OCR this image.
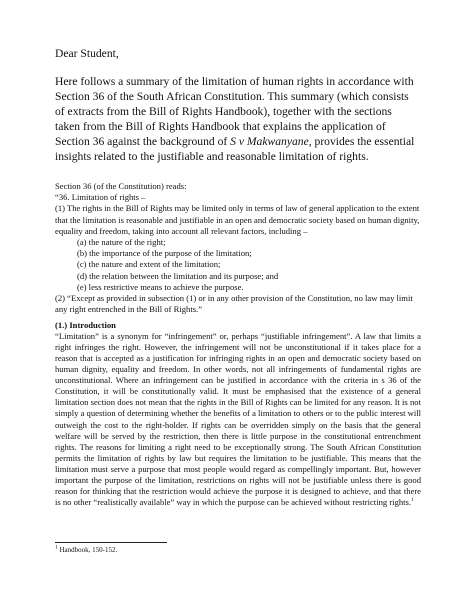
Dear Student,

Here follows a summary of the limitation of human rights in accordance with Section 36 of the South African Constitution. This summary (which consists of extracts from the Bill of Rights Handbook), together with the sections taken from the Bill of Rights Handbook that explains the application of Section 36 against the background of S v Makwanyane, provides the essential insights related to the justifiable and reasonable limitation of rights.

Section 36 (of the Constitution) reads:

“36. Limitation of rights –

(1) The rights in the Bill of Rights may be limited only in terms of law of general application to the extent that the limitation is reasonable and justifiable in an open and democratic society based on human dignity, equality and freedom, taking into account all relevant factors, including –

(a) the nature of the right;

(b) the importance of the purpose of the limitation;

(c) the nature and extent of the limitation;

(d) the relation between the limitation and its purpose; and

(e) less restrictive means to achieve the purpose.

(2) “Except as provided in subsection (1) or in any other provision of the Constitution, no law may limit any right entrenched in the Bill of Rights.”

(1.) Introduction

“Limitation” is a synonym for “infringement” or, perhaps “justifiable infringement”. A law that limits a right infringes the right. However, the infringement will not be unconstitutional if it takes place for a reason that is accepted as a justification for infringing rights in an open and democratic society based on human dignity, equality and freedom. In other words, not all infringements of fundamental rights are unconstitutional. Where an infringement can be justified in accordance with the criteria in s 36 of the Constitution, it will be constitutionally valid. It must be emphasised that the existence of a general limitation section does not mean that the rights in the Bill of Rights can be limited for any reason. It is not simply a question of determining whether the benefits of a limitation to others or to the public interest will outweigh the cost to the right-holder. If rights can be overridden simply on the basis that the general welfare will be served by the restriction, then there is little purpose in the constitutional entrenchment rights. The reasons for limiting a right need to be exceptionally strong. The South African Constitution permits the limitation of rights by law but requires the limitation to be justifiable. This means that the limitation must serve a purpose that most people would regard as compellingly important. But, however important the purpose of the limitation, restrictions on rights will not be justifiable unless there is good reason for thinking that the restriction would achieve the purpose it is designed to achieve, and that there is no other “realistically available” way in which the purpose can be achieved without restricting rights.$^1$

$^1$ Handbook, 150-152.
